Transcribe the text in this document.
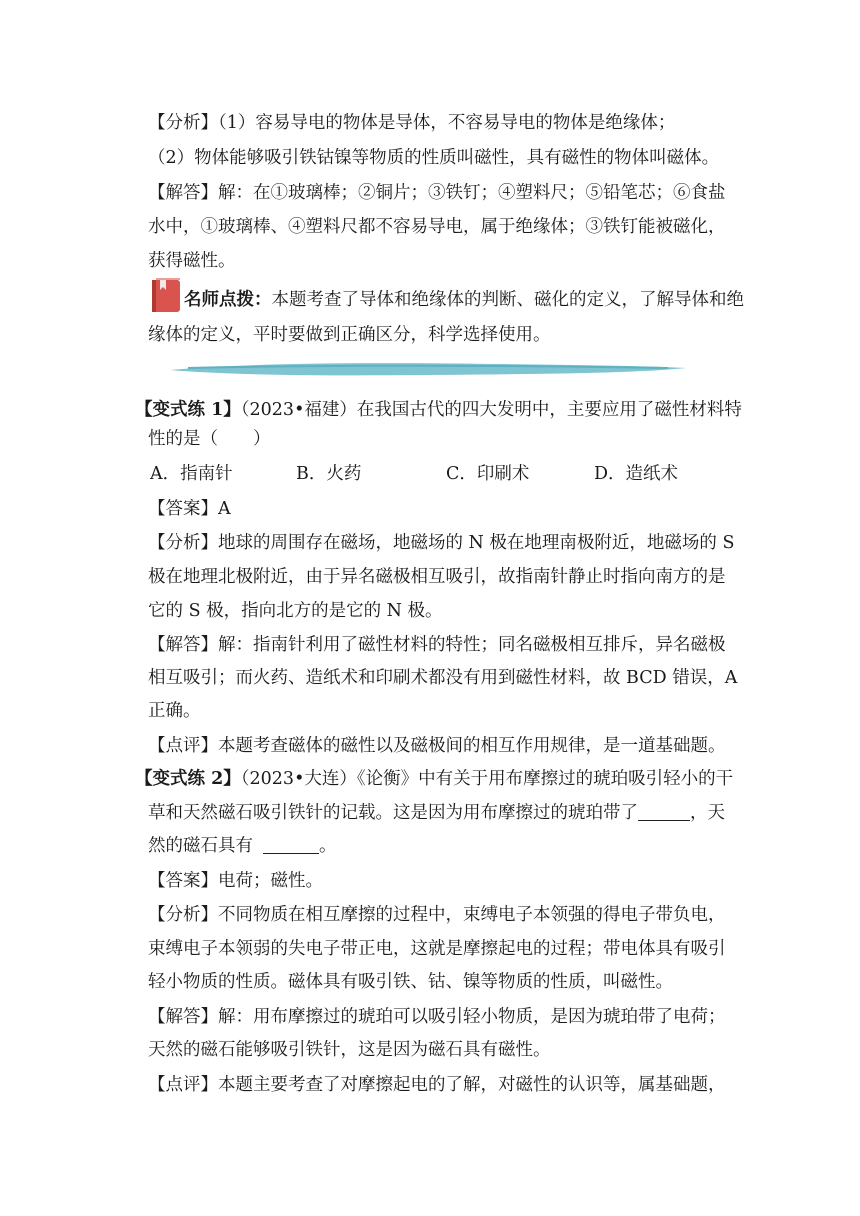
【分析】（1）容易导电的物体是导体，不容易导电的物体是绝缘体；
（2）物体能够吸引铁钴镍等物质的性质叫磁性，具有磁性的物体叫磁体。
【解答】解：在①玻璃棒；②铜片；③铁钉；④塑料尺；⑤铅笔芯；⑥食盐
水中，①玻璃棒、④塑料尺都不容易导电，属于绝缘体；③铁钉能被磁化，
获得磁性。
名师点拨：本题考查了导体和绝缘体的判断、磁化的定义，了解导体和绝
缘体的定义，平时要做到正确区分，科学选择使用。
【变式练 1】（2023•福建）在我国古代的四大发明中，主要应用了磁性材料特
性的是（　　）
A．指南针	B．火药	C．印刷术	D．造纸术
【答案】A
【分析】地球的周围存在磁场，地磁场的 N 极在地理南极附近，地磁场的 S
极在地理北极附近，由于异名磁极相互吸引，故指南针静止时指向南方的是
它的 S 极，指向北方的是它的 N 极。
【解答】解：指南针利用了磁性材料的特性；同名磁极相互排斥，异名磁极
相互吸引；而火药、造纸术和印刷术都没有用到磁性材料，故 BCD 错误，A
正确。
【点评】本题考查磁体的磁性以及磁极间的相互作用规律，是一道基础题。
【变式练 2】（2023•大连）《论衡》中有关于用布摩擦过的琥珀吸引轻小的干
草和天然磁石吸引铁针的记载。这是因为用布摩擦过的琥珀带了	，天
然的磁石具有	。
【答案】电荷；磁性。
【分析】不同物质在相互摩擦的过程中，束缚电子本领强的得电子带负电，
束缚电子本领弱的失电子带正电，这就是摩擦起电的过程；带电体具有吸引
轻小物质的性质。磁体具有吸引铁、钴、镍等物质的性质，叫磁性。
【解答】解：用布摩擦过的琥珀可以吸引轻小物质，是因为琥珀带了电荷；
天然的磁石能够吸引铁针，这是因为磁石具有磁性。
【点评】本题主要考查了对摩擦起电的了解，对磁性的认识等，属基础题，
